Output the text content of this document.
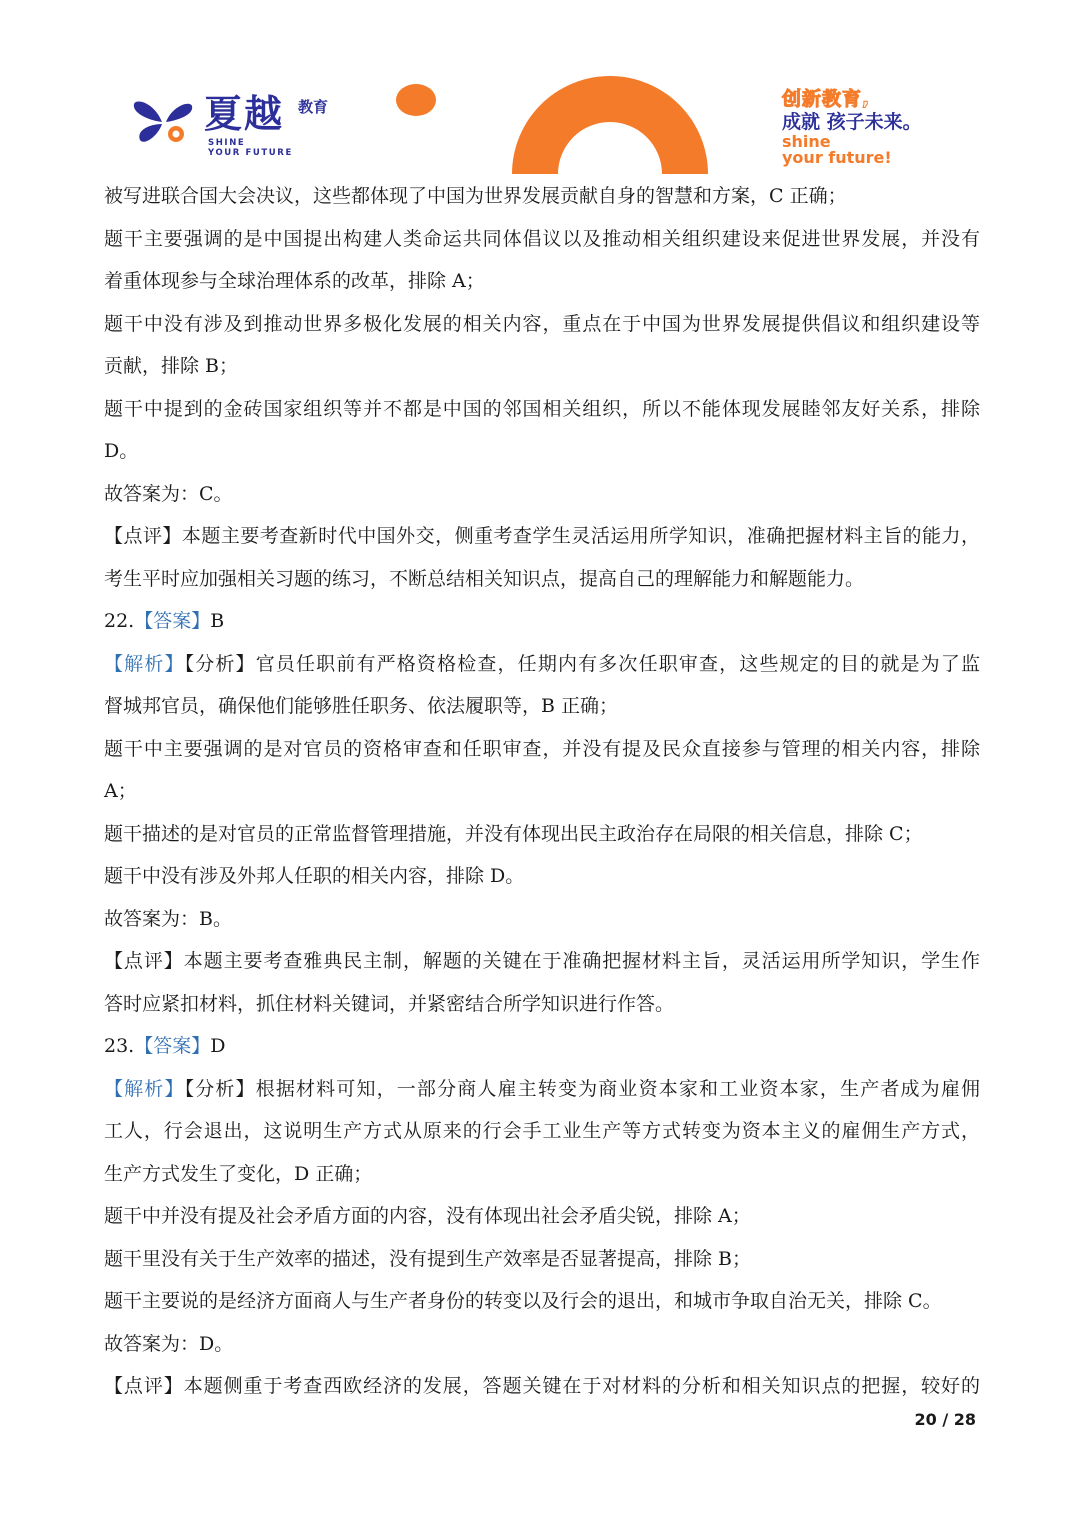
夏越 教育
SHINE
YOUR FUTURE
创新教育,
成就 孩子未来。
shine
your future!
被写进联合国大会决议，这些都体现了中国为世界发展贡献自身的智慧和方案，C 正确；
题干主要强调的是中国提出构建人类命运共同体倡议以及推动相关组织建设来促进世界发展，并没有
着重体现参与全球治理体系的改革，排除 A；
题干中没有涉及到推动世界多极化发展的相关内容，重点在于中国为世界发展提供倡议和组织建设等
贡献，排除 B；
题干中提到的金砖国家组织等并不都是中国的邻国相关组织，所以不能体现发展睦邻友好关系，排除
D。
故答案为：C。
【点评】本题主要考查新时代中国外交，侧重考查学生灵活运用所学知识，准确把握材料主旨的能力，
考生平时应加强相关习题的练习，不断总结相关知识点，提高自己的理解能力和解题能力。
22.【答案】B
【解析】【分析】官员任职前有严格资格检查，任期内有多次任职审查，这些规定的目的就是为了监
督城邦官员，确保他们能够胜任职务、依法履职等，B 正确；
题干中主要强调的是对官员的资格审查和任职审查，并没有提及民众直接参与管理的相关内容，排除
A；
题干描述的是对官员的正常监督管理措施，并没有体现出民主政治存在局限的相关信息，排除 C；
题干中没有涉及外邦人任职的相关内容，排除 D。
故答案为：B。
【点评】本题主要考查雅典民主制，解题的关键在于准确把握材料主旨，灵活运用所学知识，学生作
答时应紧扣材料，抓住材料关键词，并紧密结合所学知识进行作答。
23.【答案】D
【解析】【分析】根据材料可知，一部分商人雇主转变为商业资本家和工业资本家，生产者成为雇佣
工人，行会退出，这说明生产方式从原来的行会手工业生产等方式转变为资本主义的雇佣生产方式，
生产方式发生了变化，D 正确；
题干中并没有提及社会矛盾方面的内容，没有体现出社会矛盾尖锐，排除 A；
题干里没有关于生产效率的描述，没有提到生产效率是否显著提高，排除 B；
题干主要说的是经济方面商人与生产者身份的转变以及行会的退出，和城市争取自治无关，排除 C。
故答案为：D。
【点评】本题侧重于考查西欧经济的发展，答题关键在于对材料的分析和相关知识点的把握，较好的
20 / 28
